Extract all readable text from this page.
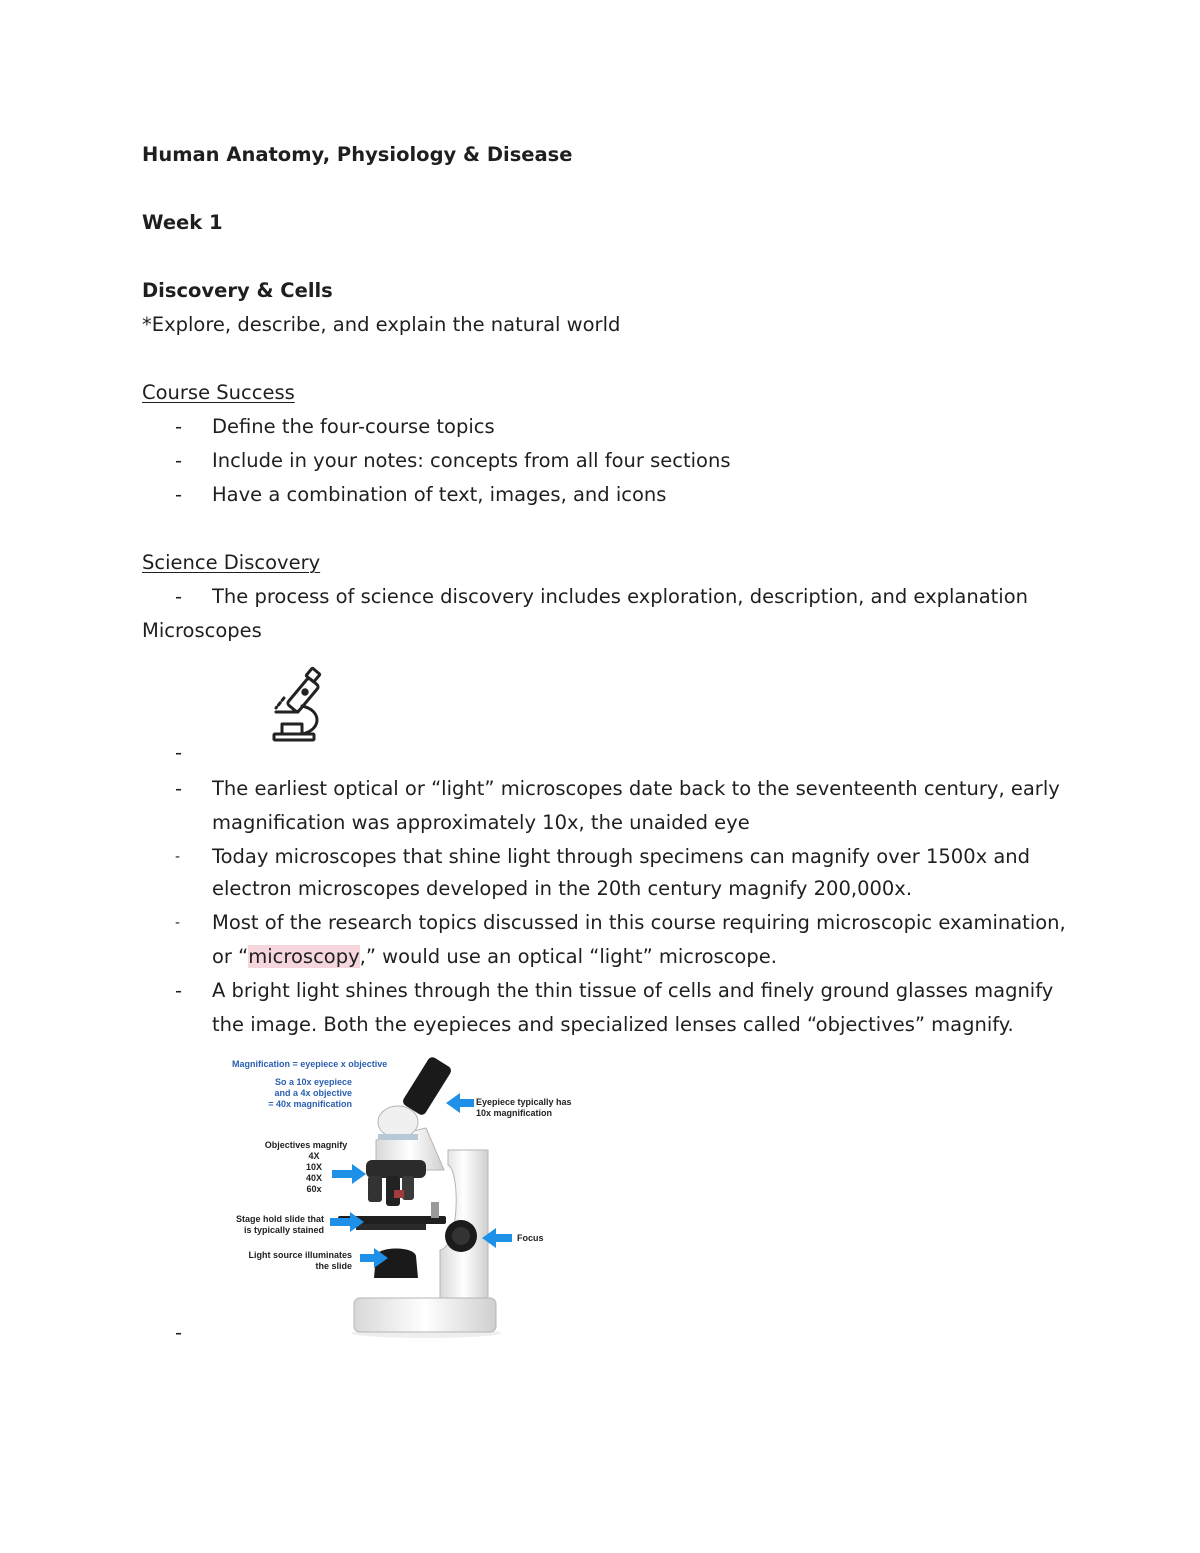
Human Anatomy, Physiology & Disease
Week 1
Discovery & Cells
*Explore, describe, and explain the natural world
Course Success
- Define the four-course topics
- Include in your notes: concepts from all four sections
- Have a combination of text, images, and icons
Science Discovery
- The process of science discovery includes exploration, description, and explanation
Microscopes
-
- The earliest optical or “light” microscopes date back to the seventeenth century, early
magnification was approximately 10x, the unaided eye
- Today microscopes that shine light through specimens can magnify over 1500x and
electron microscopes developed in the 20th century magnify 200,000x.
- Most of the research topics discussed in this course requiring microscopic examination,
or “microscopy,” would use an optical “light” microscope.
- A bright light shines through the thin tissue of cells and finely ground glasses magnify
the image. Both the eyepieces and specialized lenses called “objectives” magnify.
Magnification = eyepiece x objective
So a 10x eyepiece
and a 4x objective
= 40x magnification	Eyepiece typically has
10x magnification
Objectives magnify
4X
10X
40X
60x
Stage hold slide that
is typically stained
Light source illuminates
the slide
Focus
-
